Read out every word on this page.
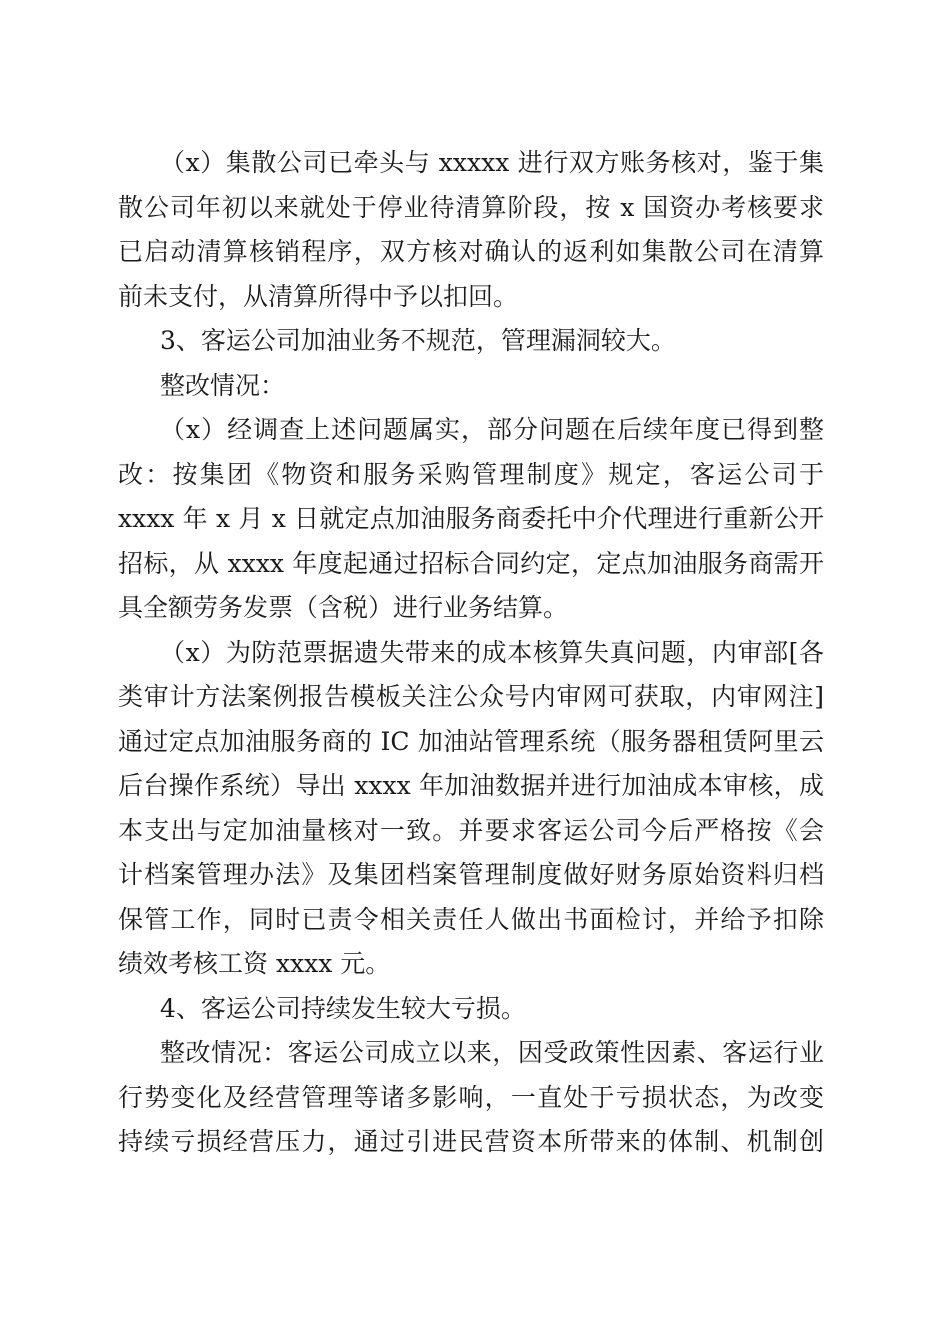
（x）集散公司已牵头与 xxxxx 进行双方账务核对，鉴于集
散公司年初以来就处于停业待清算阶段，按 x 国资办考核要求
已启动清算核销程序，双方核对确认的返利如集散公司在清算
前未支付，从清算所得中予以扣回。
3、客运公司加油业务不规范，管理漏洞较大。
整改情况：
（x）经调查上述问题属实，部分问题在后续年度已得到整
改：按集团《物资和服务采购管理制度》规定，客运公司于
xxxx 年 x 月 x 日就定点加油服务商委托中介代理进行重新公开
招标，从 xxxx 年度起通过招标合同约定，定点加油服务商需开
具全额劳务发票（含税）进行业务结算。
（x）为防范票据遗失带来的成本核算失真问题，内审部[各
类审计方法案例报告模板关注公众号内审网可获取，内审网注]
通过定点加油服务商的 IC 加油站管理系统（服务器租赁阿里云
后台操作系统）导出 xxxx 年加油数据并进行加油成本审核，成
本支出与定加油量核对一致。并要求客运公司今后严格按《会
计档案管理办法》及集团档案管理制度做好财务原始资料归档
保管工作，同时已责令相关责任人做出书面检讨，并给予扣除
绩效考核工资 xxxx 元。
4、客运公司持续发生较大亏损。
整改情况：客运公司成立以来，因受政策性因素、客运行业
行势变化及经营管理等诸多影响，一直处于亏损状态，为改变
持续亏损经营压力，通过引进民营资本所带来的体制、机制创
